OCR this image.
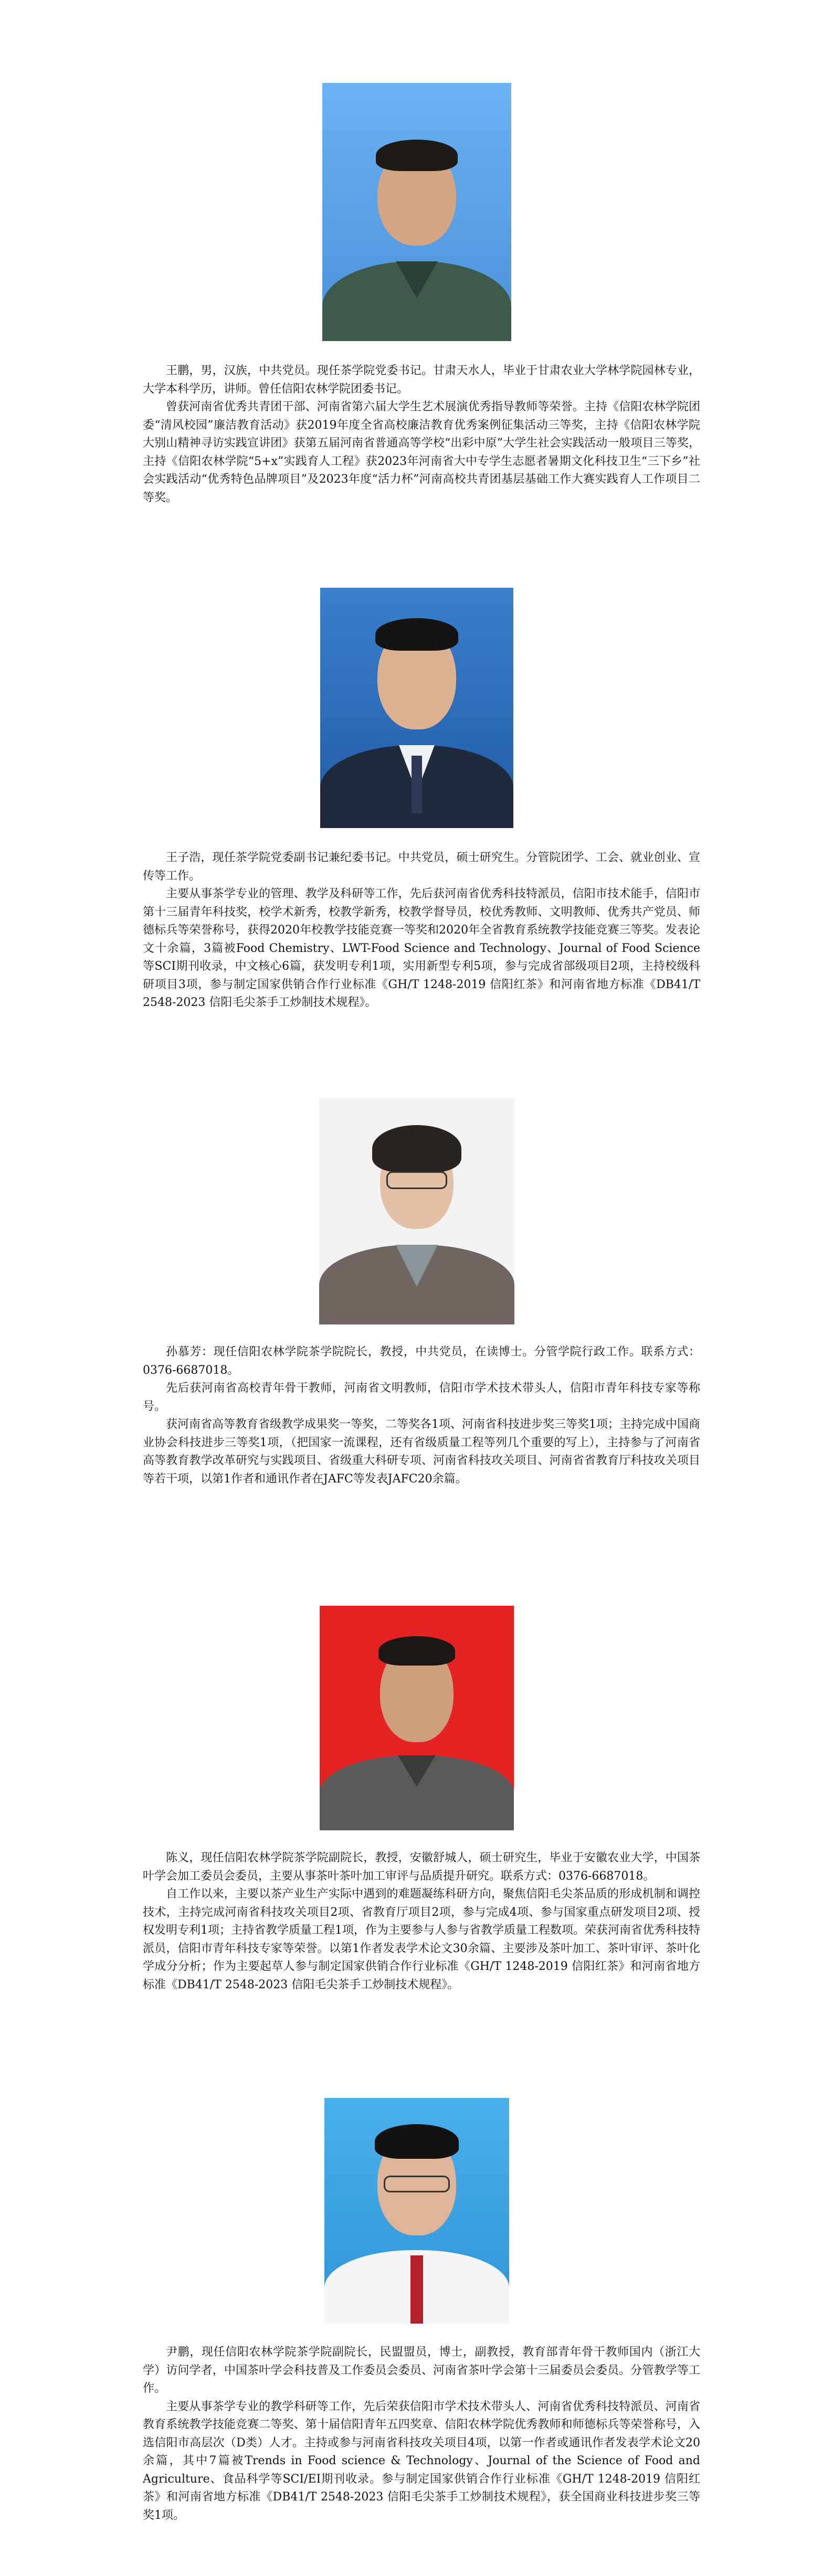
王鹏，男，汉族，中共党员。现任茶学院党委书记。甘肃天水人，毕业于甘肃农业大学林学院园林专业，大学本科学历，讲师。曾任信阳农林学院团委书记。

曾获河南省优秀共青团干部、河南省第六届大学生艺术展演优秀指导教师等荣誉。主持《信阳农林学院团委“清风校园”廉洁教育活动》获2019年度全省高校廉洁教育优秀案例征集活动三等奖，主持《信阳农林学院大别山精神寻访实践宣讲团》获第五届河南省普通高等学校“出彩中原”大学生社会实践活动一般项目三等奖，主持《信阳农林学院“5+x”实践育人工程》获2023年河南省大中专学生志愿者暑期文化科技卫生“三下乡”社会实践活动“优秀特色品牌项目”及2023年度“活力杯”河南高校共青团基层基础工作大赛实践育人工作项目二等奖。

王子浩，现任茶学院党委副书记兼纪委书记。中共党员，硕士研究生。分管院团学、工会、就业创业、宣传等工作。

主要从事茶学专业的管理、教学及科研等工作，先后获河南省优秀科技特派员，信阳市技术能手，信阳市第十三届青年科技奖，校学术新秀，校教学新秀，校教学督导员，校优秀教师、文明教师、优秀共产党员、师德标兵等荣誉称号，获得2020年校教学技能竞赛一等奖和2020年全省教育系统教学技能竞赛三等奖。发表论文十余篇，3篇被Food Chemistry、LWT-Food Science and Technology、Journal of Food Science 等SCI期刊收录，中文核心6篇，获发明专利1项，实用新型专利5项，参与完成省部级项目2项，主持校级科研项目3项，参与制定国家供销合作行业标准《GH/T 1248-2019 信阳红茶》和河南省地方标准《DB41/T 2548-2023 信阳毛尖茶手工炒制技术规程》。

孙慕芳：现任信阳农林学院茶学院院长，教授，中共党员，在读博士。分管学院行政工作。联系方式：0376-6687018。

先后获河南省高校青年骨干教师，河南省文明教师，信阳市学术技术带头人，信阳市青年科技专家等称号。

获河南省高等教育省级教学成果奖一等奖，二等奖各1项、河南省科技进步奖三等奖1项；主持完成中国商业协会科技进步三等奖1项，（把国家一流课程，还有省级质量工程等列几个重要的写上），主持参与了河南省高等教育教学改革研究与实践项目、省级重大科研专项、河南省科技攻关项目、河南省省教育厅科技攻关项目等若干项，以第1作者和通讯作者在JAFC等发表JAFC20余篇。

陈义，现任信阳农林学院茶学院副院长，教授，安徽舒城人，硕士研究生，毕业于安徽农业大学，中国茶叶学会加工委员会委员，主要从事茶叶茶叶加工审评与品质提升研究。联系方式：0376-6687018。

自工作以来，主要以茶产业生产实际中遇到的难题凝练科研方向，聚焦信阳毛尖茶品质的形成机制和调控技术，主持完成河南省科技攻关项目2项、省教育厅项目2项，参与完成4项、参与国家重点研发项目2项、授权发明专利1项；主持省教学质量工程1项，作为主要参与人参与省教学质量工程数项。荣获河南省优秀科技特派员，信阳市青年科技专家等荣誉。以第1作者发表学术论文30余篇、主要涉及茶叶加工、茶叶审评、茶叶化学成分分析；作为主要起草人参与制定国家供销合作行业标准《GH/T 1248-2019 信阳红茶》和河南省地方标准《DB41/T 2548-2023 信阳毛尖茶手工炒制技术规程》。

尹鹏，现任信阳农林学院茶学院副院长，民盟盟员，博士，副教授，教育部青年骨干教师国内（浙江大学）访问学者，中国茶叶学会科技普及工作委员会委员、河南省茶叶学会第十三届委员会委员。分管教学等工作。

主要从事茶学专业的教学科研等工作，先后荣获信阳市学术技术带头人、河南省优秀科技特派员、河南省教育系统教学技能竞赛二等奖、第十届信阳青年五四奖章、信阳农林学院优秀教师和师德标兵等荣誉称号，入选信阳市高层次（D类）人才。主持或参与河南省科技攻关项目4项，以第一作者或通讯作者发表学术论文20余篇，其中7篇被Trends in Food science & Technology、Journal of the Science of Food and Agriculture、食品科学等SCI/EI期刊收录。参与制定国家供销合作行业标准《GH/T 1248-2019 信阳红茶》和河南省地方标准《DB41/T 2548-2023 信阳毛尖茶手工炒制技术规程》，获全国商业科技进步奖三等奖1项。
